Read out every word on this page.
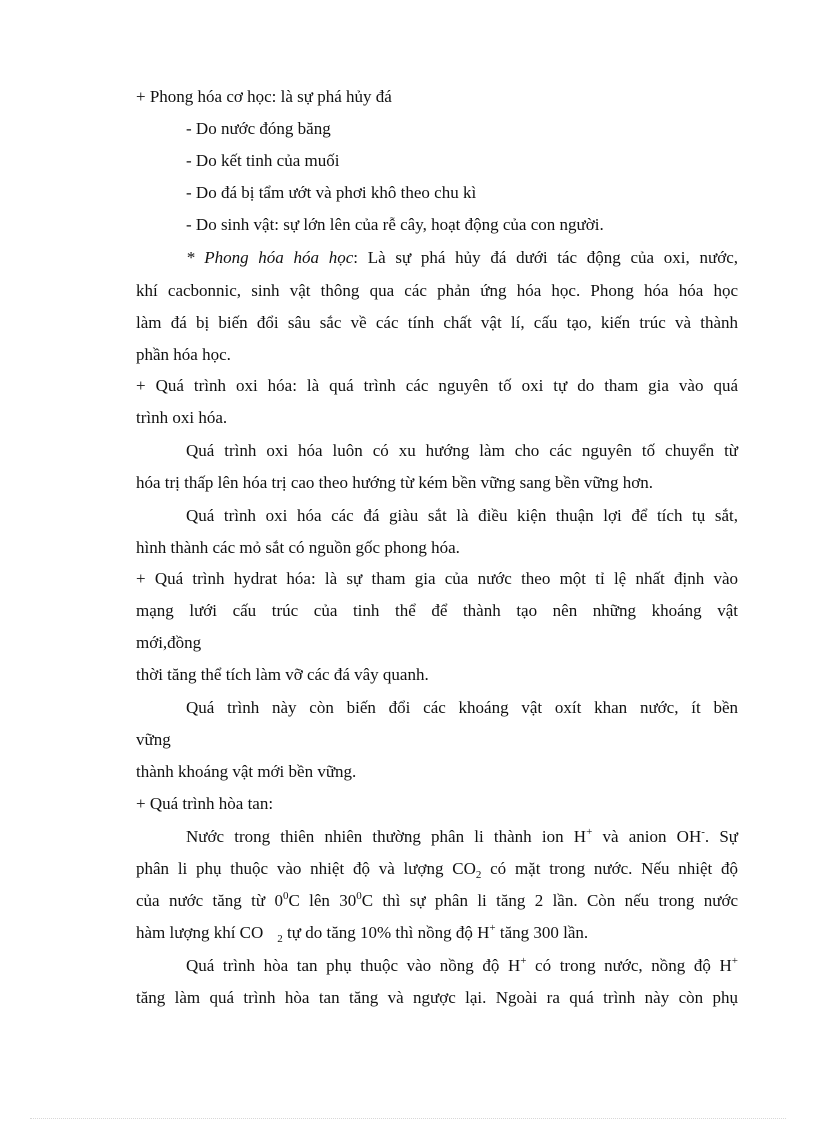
+ Phong hóa cơ học: là sự phá hủy đá
- Do nước đóng băng
- Do kết tinh của muối
- Do đá bị tẩm ướt và phơi khô theo chu kì
- Do sinh vật: sự lớn lên của rễ cây, hoạt động của con người.
* Phong hóa hóa học: Là sự phá hủy đá dưới tác động của oxi, nước,
khí cacbonnic, sinh vật thông qua các phản ứng hóa học. Phong hóa hóa học
làm đá bị biến đổi sâu sắc về các tính chất vật lí, cấu tạo, kiến trúc và thành
phần hóa học.
+ Quá trình oxi hóa: là quá trình các nguyên tố oxi tự do tham gia vào quá
trình oxi hóa.
Quá trình oxi hóa luôn có xu hướng làm cho các nguyên tố chuyển từ
hóa trị thấp lên hóa trị cao theo hướng từ kém bền vững sang bền vững hơn.
Quá trình oxi hóa các đá giàu sắt là điều kiện thuận lợi để tích tụ sắt,
hình thành các mỏ sắt có nguồn gốc phong hóa.
+ Quá trình hydrat hóa: là sự tham gia của nước theo một tỉ lệ nhất định vào
mạng lưới cấu trúc của tinh thể để thành tạo nên những khoáng vật
mới,đồng
thời tăng thể tích làm vỡ các đá vây quanh.
Quá trình này còn biến đổi các khoáng vật oxít khan nước, ít bền
vững
thành khoáng vật mới bền vững.
+ Quá trình hòa tan:
Nước trong thiên nhiên thường phân li thành ion H+ và anion OH-. Sự
phân li phụ thuộc vào nhiệt độ và lượng $CO_2$ có mặt trong nước. Nếu nhiệt độ
của nước tăng từ $0^0C$ lên $30^0C$ thì sự phân li tăng 2 lần. Còn nếu trong nước
hàm lượng khí CO $_2$ tự do tăng 10% thì nồng độ H+ tăng 300 lần.
Quá trình hòa tan phụ thuộc vào nồng độ H+ có trong nước, nồng độ H+
tăng làm quá trình hòa tan tăng và ngược lại. Ngoài ra quá trình này còn phụ
